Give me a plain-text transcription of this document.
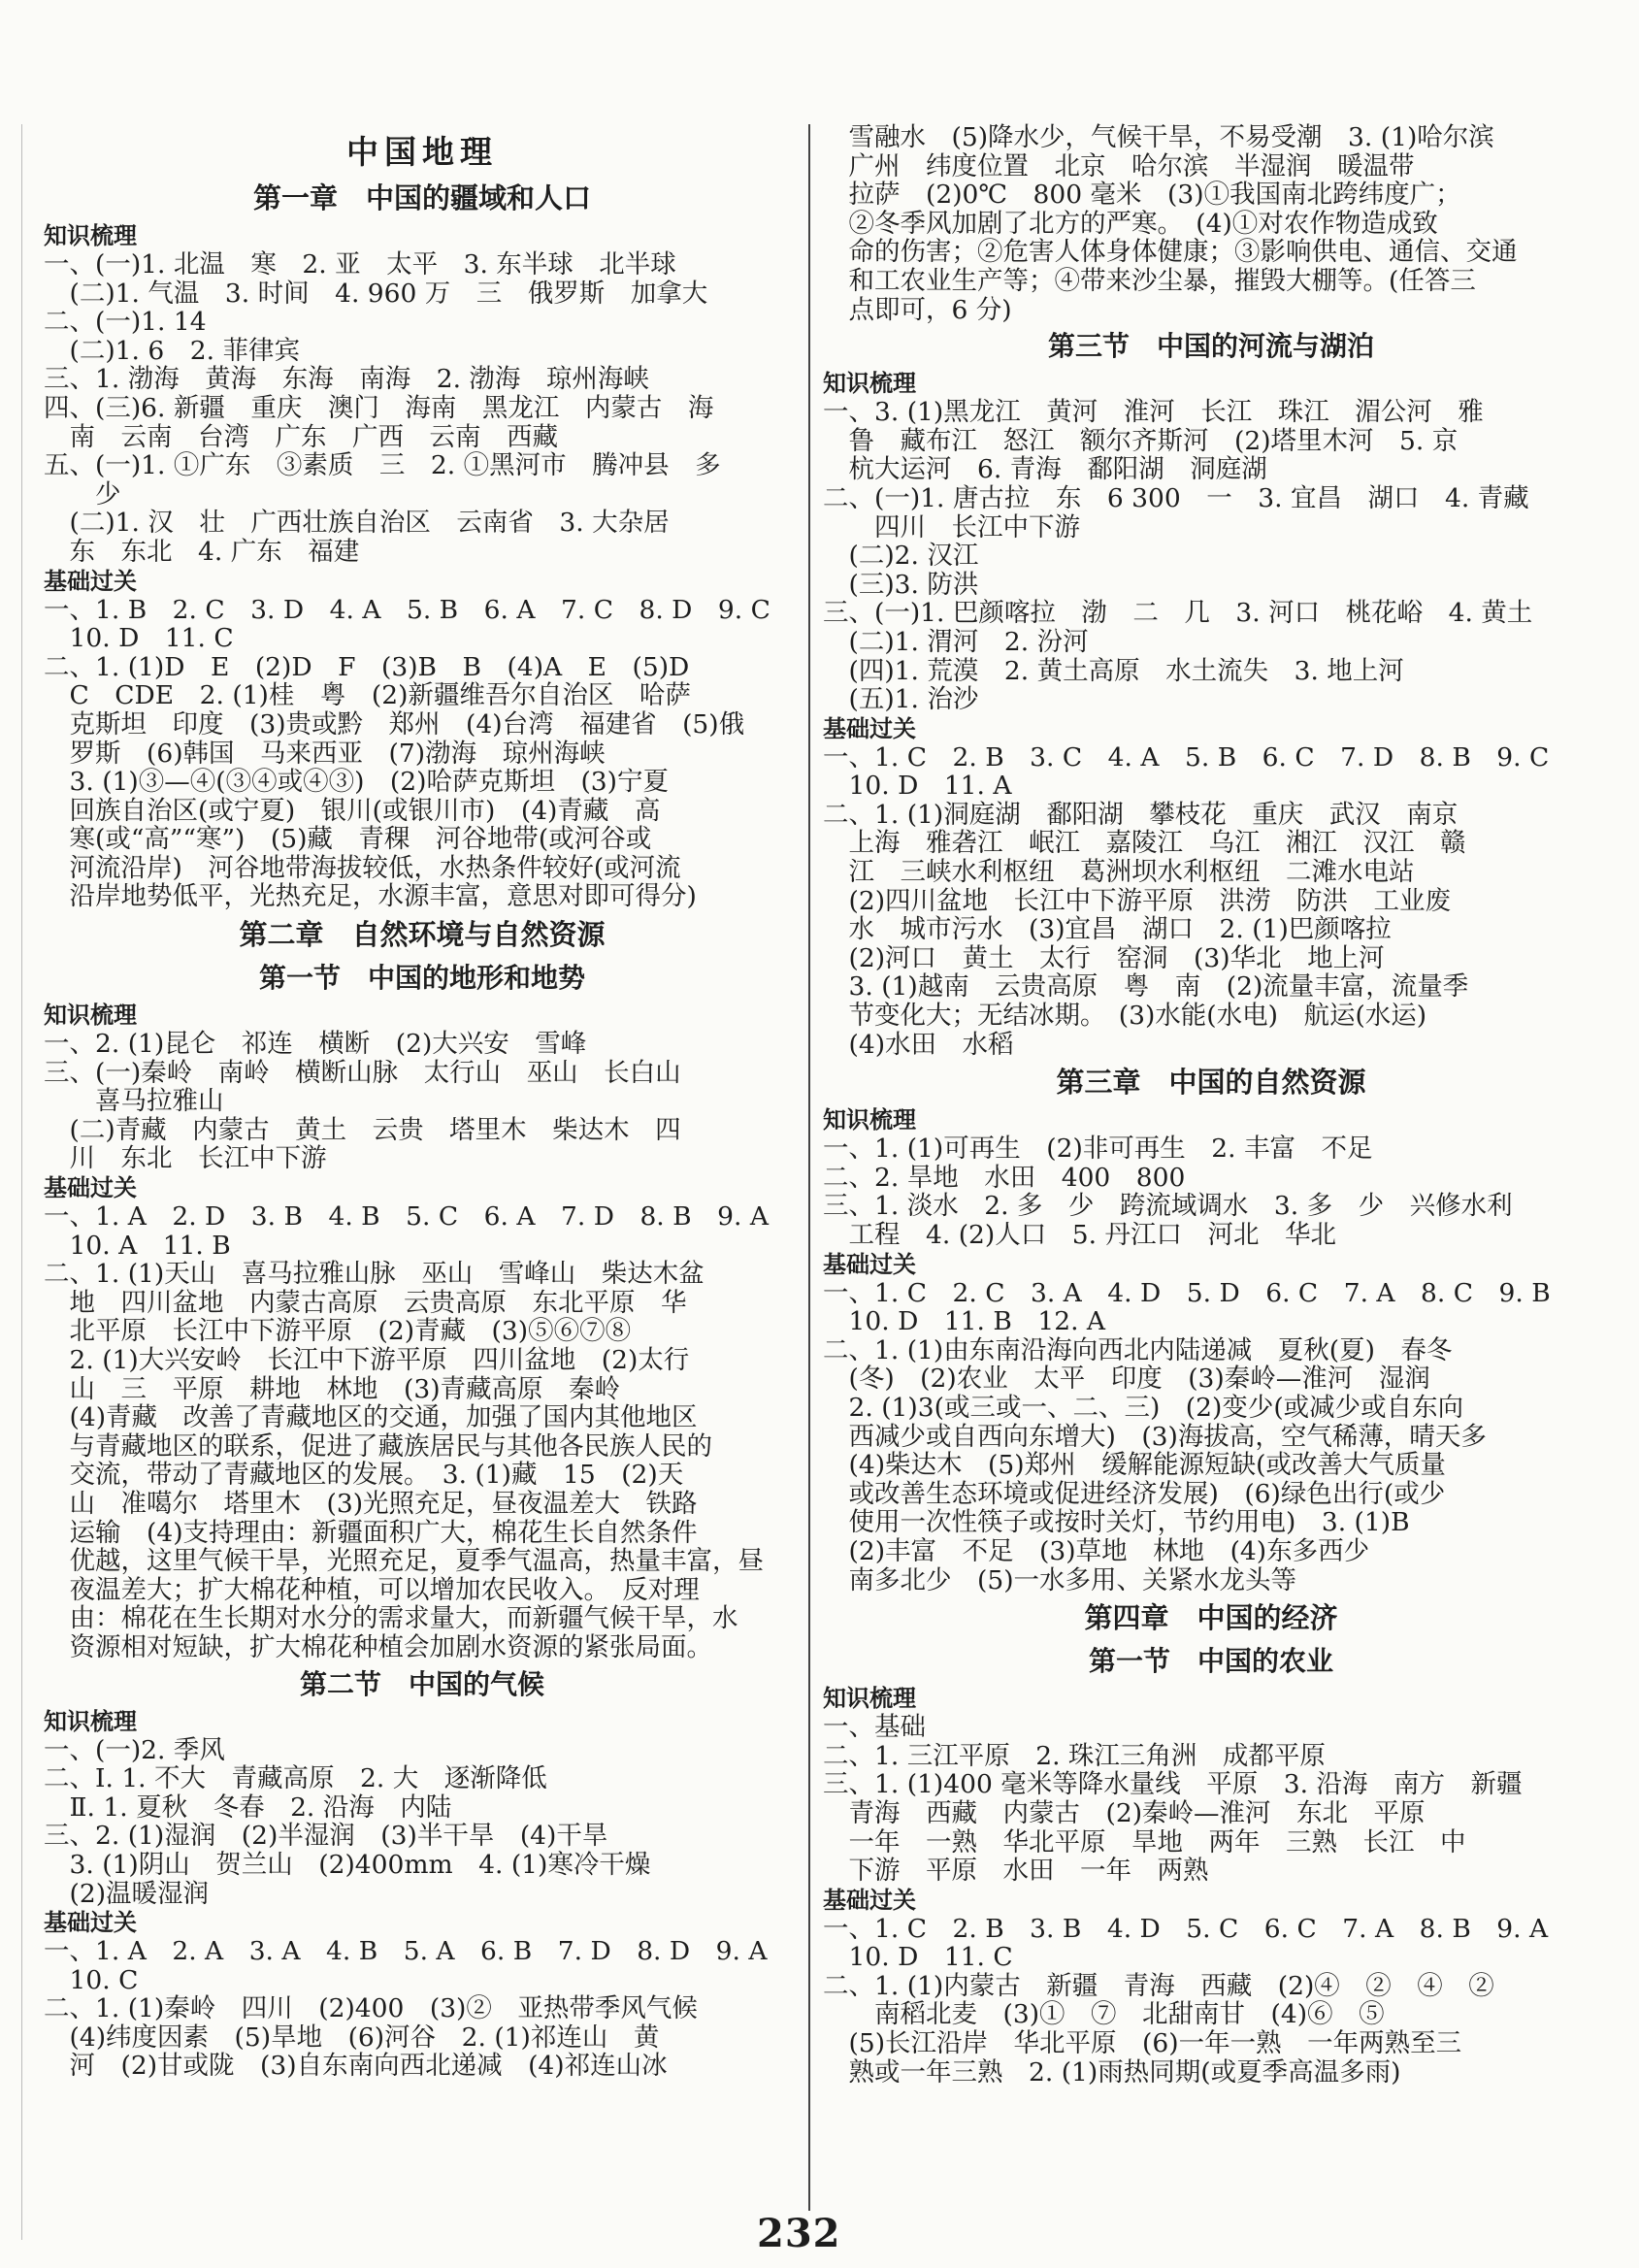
中国地理
第一章　中国的疆域和人口
知识梳理
一、(一)1. 北温　寒　2. 亚　太平　3. 东半球　北半球
　(二)1. 气温　3. 时间　4. 960 万　三　俄罗斯　加拿大
二、(一)1. 14
　(二)1. 6　2. 菲律宾
三、1. 渤海　黄海　东海　南海　2. 渤海　琼州海峡
四、(三)6. 新疆　重庆　澳门　海南　黑龙江　内蒙古　海
　南　云南　台湾　广东　广西　云南　西藏
五、(一)1. ①广东　③素质　三　2. ①黑河市　腾冲县　多
　　少
　(二)1. 汉　壮　广西壮族自治区　云南省　3. 大杂居
　东　东北　4. 广东　福建
基础过关
一、1. B　2. C　3. D　4. A　5. B　6. A　7. C　8. D　9. C
　10. D　11. C
二、1. (1)D　E　(2)D　F　(3)B　B　(4)A　E　(5)D
　C　CDE　2. (1)桂　粤　(2)新疆维吾尔自治区　哈萨
　克斯坦　印度　(3)贵或黔　郑州　(4)台湾　福建省　(5)俄
　罗斯　(6)韩国　马来西亚　(7)渤海　琼州海峡
　3. (1)③—④(③④或④③)　(2)哈萨克斯坦　(3)宁夏
　回族自治区(或宁夏)　银川(或银川市)　(4)青藏　高
　寒(或“高”“寒”)　(5)藏　青稞　河谷地带(或河谷或
　河流沿岸)　河谷地带海拔较低，水热条件较好(或河流
　沿岸地势低平，光热充足，水源丰富，意思对即可得分)
第二章　自然环境与自然资源
第一节　中国的地形和地势
知识梳理
一、2. (1)昆仑　祁连　横断　(2)大兴安　雪峰
三、(一)秦岭　南岭　横断山脉　太行山　巫山　长白山
　　喜马拉雅山
　(二)青藏　内蒙古　黄土　云贵　塔里木　柴达木　四
　川　东北　长江中下游
基础过关
一、1. A　2. D　3. B　4. B　5. C　6. A　7. D　8. B　9. A
　10. A　11. B
二、1. (1)天山　喜马拉雅山脉　巫山　雪峰山　柴达木盆
　地　四川盆地　内蒙古高原　云贵高原　东北平原　华
　北平原　长江中下游平原　(2)青藏　(3)⑤⑥⑦⑧
　2. (1)大兴安岭　长江中下游平原　四川盆地　(2)太行
　山　三　平原　耕地　林地　(3)青藏高原　秦岭
　(4)青藏　改善了青藏地区的交通，加强了国内其他地区
　与青藏地区的联系，促进了藏族居民与其他各民族人民的
　交流，带动了青藏地区的发展。　3. (1)藏　15　(2)天
　山　准噶尔　塔里木　(3)光照充足，昼夜温差大　铁路
　运输　(4)支持理由：新疆面积广大，棉花生长自然条件
　优越，这里气候干旱，光照充足，夏季气温高，热量丰富，昼
　夜温差大；扩大棉花种植，可以增加农民收入。　反对理
　由：棉花在生长期对水分的需求量大，而新疆气候干旱，水
　资源相对短缺，扩大棉花种植会加剧水资源的紧张局面。
第二节　中国的气候
知识梳理
一、(一)2. 季风
二、Ⅰ. 1. 不大　青藏高原　2. 大　逐渐降低
　Ⅱ. 1. 夏秋　冬春　2. 沿海　内陆
三、2. (1)湿润　(2)半湿润　(3)半干旱　(4)干旱
　3. (1)阴山　贺兰山　(2)400mm　4. (1)寒冷干燥
　(2)温暖湿润
基础过关
一、1. A　2. A　3. A　4. B　5. A　6. B　7. D　8. D　9. A
　10. C
二、1. (1)秦岭　四川　(2)400　(3)②　亚热带季风气候
　(4)纬度因素　(5)旱地　(6)河谷　2. (1)祁连山　黄
　河　(2)甘或陇　(3)自东南向西北递减　(4)祁连山冰
　雪融水　(5)降水少，气候干旱，不易受潮　3. (1)哈尔滨
　广州　纬度位置　北京　哈尔滨　半湿润　暖温带
　拉萨　(2)0℃　800 毫米　(3)①我国南北跨纬度广；
　②冬季风加剧了北方的严寒。　(4)①对农作物造成致
　命的伤害；②危害人体身体健康；③影响供电、通信、交通
　和工农业生产等；④带来沙尘暴，摧毁大棚等。(任答三
　点即可，6 分)
第三节　中国的河流与湖泊
知识梳理
一、3. (1)黑龙江　黄河　淮河　长江　珠江　湄公河　雅
　鲁　藏布江　怒江　额尔齐斯河　(2)塔里木河　5. 京
　杭大运河　6. 青海　鄱阳湖　洞庭湖
二、(一)1. 唐古拉　东　6 300　一　3. 宜昌　湖口　4. 青藏
　　四川　长江中下游
　(二)2. 汉江
　(三)3. 防洪
三、(一)1. 巴颜喀拉　渤　二　几　3. 河口　桃花峪　4. 黄土
　(二)1. 渭河　2. 汾河
　(四)1. 荒漠　2. 黄土高原　水土流失　3. 地上河
　(五)1. 治沙
基础过关
一、1. C　2. B　3. C　4. A　5. B　6. C　7. D　8. B　9. C
　10. D　11. A
二、1. (1)洞庭湖　鄱阳湖　攀枝花　重庆　武汉　南京
　上海　雅砻江　岷江　嘉陵江　乌江　湘江　汉江　赣
　江　三峡水利枢纽　葛洲坝水利枢纽　二滩水电站
　(2)四川盆地　长江中下游平原　洪涝　防洪　工业废
　水　城市污水　(3)宜昌　湖口　2. (1)巴颜喀拉
　(2)河口　黄土　太行　窑洞　(3)华北　地上河
　3. (1)越南　云贵高原　粤　南　(2)流量丰富，流量季
　节变化大；无结冰期。　(3)水能(水电)　航运(水运)
　(4)水田　水稻
第三章　中国的自然资源
知识梳理
一、1. (1)可再生　(2)非可再生　2. 丰富　不足
二、2. 旱地　水田　400　800
三、1. 淡水　2. 多　少　跨流域调水　3. 多　少　兴修水利
　工程　4. (2)人口　5. 丹江口　河北　华北
基础过关
一、1. C　2. C　3. A　4. D　5. D　6. C　7. A　8. C　9. B
　10. D　11. B　12. A
二、1. (1)由东南沿海向西北内陆递减　夏秋(夏)　春冬
　(冬)　(2)农业　太平　印度　(3)秦岭—淮河　湿润
　2. (1)3(或三或一、二、三)　(2)变少(或减少或自东向
　西减少或自西向东增大)　(3)海拔高，空气稀薄，晴天多
　(4)柴达木　(5)郑州　缓解能源短缺(或改善大气质量
　或改善生态环境或促进经济发展)　(6)绿色出行(或少
　使用一次性筷子或按时关灯，节约用电)　3. (1)B
　(2)丰富　不足　(3)草地　林地　(4)东多西少
　南多北少　(5)一水多用、关紧水龙头等
第四章　中国的经济
第一节　中国的农业
知识梳理
一、基础
二、1. 三江平原　2. 珠江三角洲　成都平原
三、1. (1)400 毫米等降水量线　平原　3. 沿海　南方　新疆
　青海　西藏　内蒙古　(2)秦岭—淮河　东北　平原
　一年　一熟　华北平原　旱地　两年　三熟　长江　中
　下游　平原　水田　一年　两熟
基础过关
一、1. C　2. B　3. B　4. D　5. C　6. C　7. A　8. B　9. A
　10. D　11. C
二、1. (1)内蒙古　新疆　青海　西藏　(2)④　②　④　②
　　南稻北麦　(3)①　⑦　北甜南甘　(4)⑥　⑤
　(5)长江沿岸　华北平原　(6)一年一熟　一年两熟至三
　熟或一年三熟　2. (1)雨热同期(或夏季高温多雨)
232
